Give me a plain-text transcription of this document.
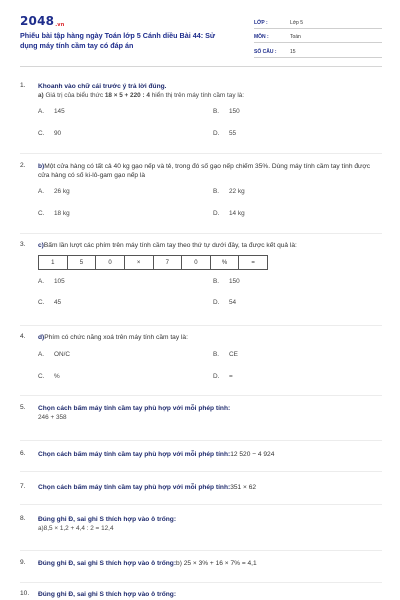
2048.vn
Phiếu bài tập hàng ngày Toán lớp 5 Cánh diều Bài 44: Sử dụng máy tính cầm tay có đáp án
LỚP :	Lớp 5
MÔN :	Toán
SỐ CÂU :	15
1.	Khoanh vào chữ cái trước ý trả lời đúng.
a) Giá trị của biểu thức 18 × 5 + 220 : 4 hiển thị trên máy tính cầm tay là:
A. 145	B. 150
C. 90	D. 55
2.	b)Một cửa hàng có tất cả 40 kg gạo nếp và tẻ, trong đó số gạo nếp chiếm 35%. Dùng máy tính cầm tay tính được cửa hàng có số ki-lô-gam gạo nếp là
A. 26 kg	B. 22 kg
C. 18 kg	D. 14 kg
3.	c)Bấm lần lượt các phím trên máy tính cầm tay theo thứ tự dưới đây, ta được kết quả là:
1	5	0	×	7	0	%	=
A. 105	B. 150
C. 45	D. 54
4.	d)Phím có chức năng xoá trên máy tính cầm tay là:
A. ON/C	B. CE
C. %	D. =
5.	Chọn cách bấm máy tính cầm tay phù hợp với mỗi phép tính:
246 + 358
6.	Chọn cách bấm máy tính cầm tay phù hợp với mỗi phép tính:12 520 − 4 924
7.	Chọn cách bấm máy tính cầm tay phù hợp với mỗi phép tính:351 × 62
8.	Đúng ghi Đ, sai ghi S thích hợp vào ô trống:
a)8,5 × 1,2 + 4,4 : 2 = 12,4
9.	Đúng ghi Đ, sai ghi S thích hợp vào ô trống:b) 25 × 3% + 16 × 7% = 4,1
10.	Đúng ghi Đ, sai ghi S thích hợp vào ô trống:
